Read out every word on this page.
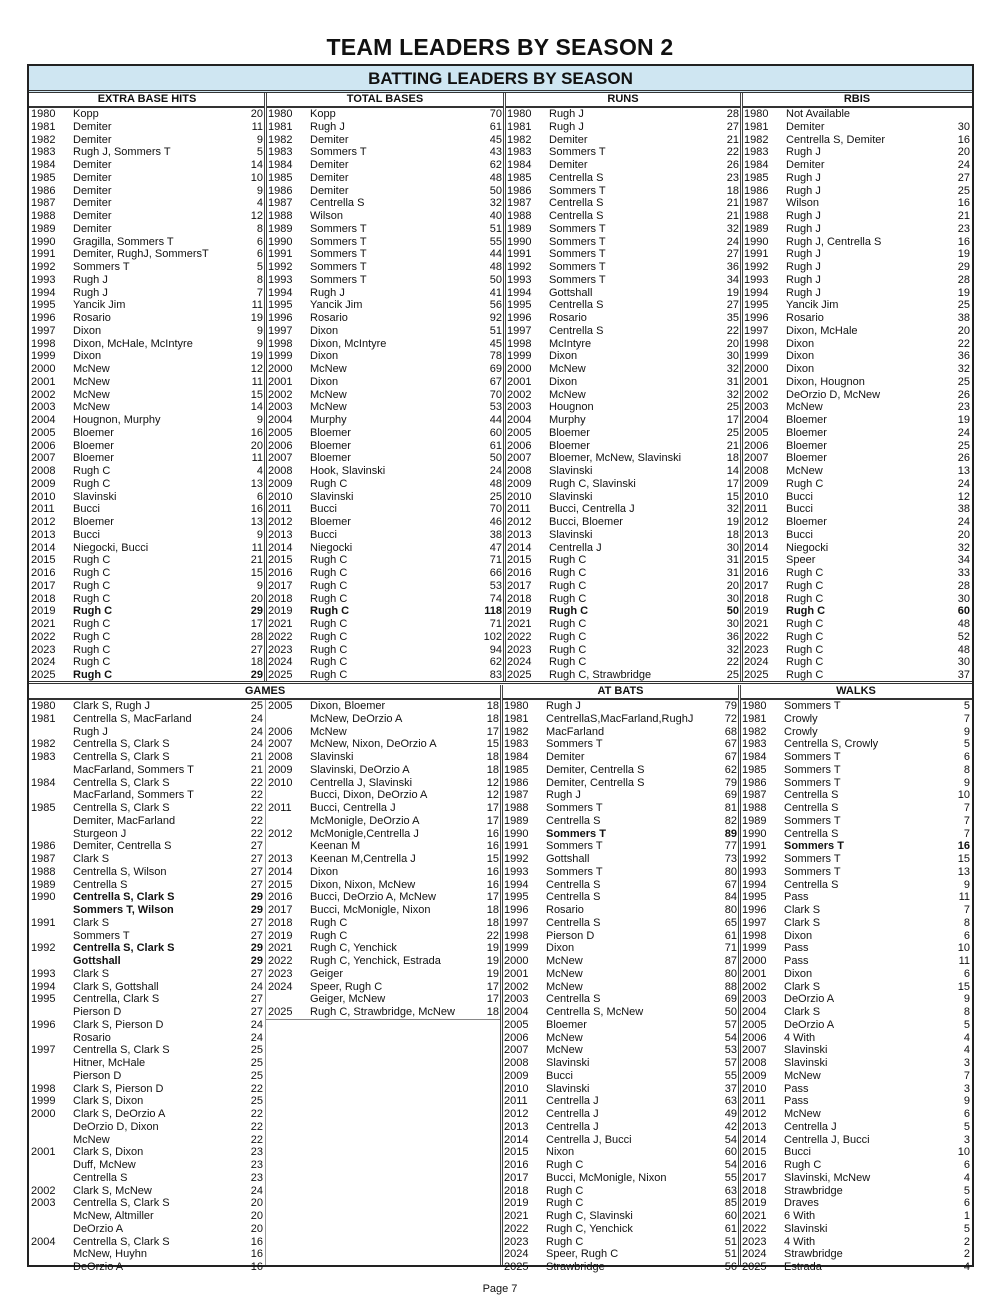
TEAM LEADERS BY SEASON 2
BATTING LEADERS BY SEASON
EXTRA BASE HITS	TOTAL BASES	RUNS	RBIS
1980 Kopp	20
1981 Demiter	11
1982 Demiter	9
1983 Rugh J, Sommers T	5
1984 Demiter	14
1985 Demiter	10
1986 Demiter	9
1987 Demiter	4
1988 Demiter	12
1989 Demiter	8
1990 Gragilla, Sommers T	6
1991 Demiter, RughJ, SommersT	6
1992 Sommers T	5
1993 Rugh J	8
1994 Rugh J	7
1995 Yancik Jim	11
1996 Rosario	19
1997 Dixon	9
1998 Dixon, McHale, McIntyre	9
1999 Dixon	19
2000 McNew	12
2001 McNew	11
2002 McNew	15
2003 McNew	14
2004 Hougnon, Murphy	9
2005 Bloemer	16
2006 Bloemer	20
2007 Bloemer	11
2008 Rugh C	4
2009 Rugh C	13
2010 Slavinski	6
2011 Bucci	16
2012 Bloemer	13
2013 Bucci	9
2014 Niegocki, Bucci	11
2015 Rugh C	21
2016 Rugh C	15
2017 Rugh C	9
2018 Rugh C	20
2019 Rugh C	29
2021 Rugh C	17
2022 Rugh C	28
2023 Rugh C	27
2024 Rugh C	18
2025 Rugh C	29
1980 Kopp	70
1981 Rugh J	61
1982 Demiter	45
1983 Sommers T	43
1984 Demiter	62
1985 Demiter	48
1986 Demiter	50
1987 Centrella S	32
1988 Wilson	40
1989 Sommers T	51
1990 Sommers T	55
1991 Sommers T	44
1992 Sommers T	48
1993 Sommers T	50
1994 Rugh J	41
1995 Yancik Jim	56
1996 Rosario	92
1997 Dixon	51
1998 Dixon, McIntyre	45
1999 Dixon	78
2000 McNew	69
2001 Dixon	67
2002 McNew	70
2003 McNew	53
2004 Murphy	44
2005 Bloemer	60
2006 Bloemer	61
2007 Bloemer	50
2008 Hook, Slavinski	24
2009 Rugh C	48
2010 Slavinski	25
2011 Bucci	70
2012 Bloemer	46
2013 Bucci	38
2014 Niegocki	47
2015 Rugh C	71
2016 Rugh C	66
2017 Rugh C	53
2018 Rugh C	74
2019 Rugh C	118
2021 Rugh C	71
2022 Rugh C	102
2023 Rugh C	94
2024 Rugh C	62
2025 Rugh C	83
1980 Rugh J	28
1981 Rugh J	27
1982 Demiter	21
1983 Sommers T	22
1984 Demiter	26
1985 Centrella S	23
1986 Sommers T	18
1987 Centrella S	21
1988 Centrella S	21
1989 Sommers T	32
1990 Sommers T	24
1991 Sommers T	27
1992 Sommers T	36
1993 Sommers T	34
1994 Gottshall	19
1995 Centrella S	27
1996 Rosario	35
1997 Centrella S	22
1998 McIntyre	20
1999 Dixon	30
2000 McNew	32
2001 Dixon	31
2002 McNew	32
2003 Hougnon	25
2004 Murphy	17
2005 Bloemer	25
2006 Bloemer	21
2007 Bloemer, McNew, Slavinski	18
2008 Slavinski	14
2009 Rugh C, Slavinski	17
2010 Slavinski	15
2011 Bucci, Centrella J	32
2012 Bucci, Bloemer	19
2013 Slavinski	18
2014 Centrella J	30
2015 Rugh C	31
2016 Rugh C	31
2017 Rugh C	20
2018 Rugh C	30
2019 Rugh C	50
2021 Rugh C	30
2022 Rugh C	36
2023 Rugh C	32
2024 Rugh C	22
2025 Rugh C, Strawbridge	25
1980 Not Available
1981 Demiter	30
1982 Centrella S, Demiter	16
1983 Rugh J	20
1984 Demiter	24
1985 Rugh J	27
1986 Rugh J	25
1987 Wilson	16
1988 Rugh J	21
1989 Rugh J	23
1990 Rugh J, Centrella S	16
1991 Rugh J	19
1992 Rugh J	29
1993 Rugh J	28
1994 Rugh J	19
1995 Yancik Jim	25
1996 Rosario	38
1997 Dixon, McHale	20
1998 Dixon	22
1999 Dixon	36
2000 Dixon	32
2001 Dixon, Hougnon	25
2002 DeOrzio D, McNew	26
2003 McNew	23
2004 Bloemer	19
2005 Bloemer	24
2006 Bloemer	25
2007 Bloemer	26
2008 McNew	13
2009 Rugh C	24
2010 Bucci	12
2011 Bucci	38
2012 Bloemer	24
2013 Bucci	20
2014 Niegocki	32
2015 Speer	34
2016 Rugh C	33
2017 Rugh C	28
2018 Rugh C	30
2019 Rugh C	60
2021 Rugh C	48
2022 Rugh C	52
2023 Rugh C	48
2024 Rugh C	30
2025 Rugh C	37
GAMES	AT BATS	WALKS
1980 Clark S, Rugh J	25
1981 Centrella S, MacFarland	24
Rugh J	24
1982 Centrella S, Clark S	24
1983 Centrella S, Clark S	21
MacFarland, Sommers T	21
1984 Centrella S, Clark S	22
MacFarland, Sommers T	22
1985 Centrella S, Clark S	22
Demiter, MacFarland	22
Sturgeon J	22
1986 Demiter, Centrella S	27
1987 Clark S	27
1988 Centrella S, Wilson	27
1989 Centrella S	27
1990 Centrella S, Clark S	29
Sommers T, Wilson	29
1991 Clark S	27
Sommers T	27
1992 Centrella S, Clark S	29
Gottshall	29
1993 Clark S	27
1994 Clark S, Gottshall	24
1995 Centrella, Clark S	27
Pierson D	27
1996 Clark S, Pierson D	24
Rosario	24
1997 Centrella S, Clark S	25
Hitner, McHale	25
Pierson D	25
1998 Clark S, Pierson D	22
1999 Clark S, Dixon	25
2000 Clark S, DeOrzio A	22
DeOrzio D, Dixon	22
McNew	22
2001 Clark S, Dixon	23
Duff, McNew	23
Centrella S	23
2002 Clark S, McNew	24
2003 Centrella S, Clark S	20
McNew, Altmiller	20
DeOrzio A	20
2004 Centrella S, Clark S	16
McNew, Huyhn	16
DeOrzio A	16
2005 Dixon, Bloemer	18
McNew, DeOrzio A	18
2006 McNew	17
2007 McNew, Nixon, DeOrzio A	15
2008 Slavinski	18
2009 Slavinski, DeOrzio A	18
2010 Centrella J, Slavinski	12
Bucci, Dixon, DeOrzio A	12
2011 Bucci, Centrella J	17
McMonigle, DeOrzio A	17
2012 McMonigle,Centrella J	16
Keenan M	16
2013 Keenan M,Centrella J	15
2014 Dixon	16
2015 Dixon, Nixon, McNew	16
2016 Bucci, DeOrzio A, McNew	17
2017 Bucci, McMonigle, Nixon	18
2018 Rugh C	18
2019 Rugh C	22
2021 Rugh C, Yenchick	19
2022 Rugh C, Yenchick, Estrada	19
2023 Geiger	19
2024 Speer, Rugh C	17
Geiger, McNew	17
2025 Rugh C, Strawbridge, McNew	18
1980 Rugh J	79
1981 CentrellaS,MacFarland,RughJ	72
1982 MacFarland	68
1983 Sommers T	67
1984 Demiter	67
1985 Demiter, Centrella S	62
1986 Demiter, Centrella S	79
1987 Rugh J	69
1988 Sommers T	81
1989 Centrella S	82
1990 Sommers T	89
1991 Sommers T	77
1992 Gottshall	73
1993 Sommers T	80
1994 Centrella S	67
1995 Centrella S	84
1996 Rosario	80
1997 Centrella S	65
1998 Pierson D	61
1999 Dixon	71
2000 McNew	87
2001 McNew	80
2002 McNew	88
2003 Centrella S	69
2004 Centrella S, McNew	50
2005 Bloemer	57
2006 McNew	54
2007 McNew	53
2008 Slavinski	57
2009 Bucci	55
2010 Slavinski	37
2011 Centrella J	63
2012 Centrella J	49
2013 Centrella J	42
2014 Centrella J, Bucci	54
2015 Nixon	60
2016 Rugh C	54
2017 Bucci, McMonigle, Nixon	55
2018 Rugh C	63
2019 Rugh C	85
2021 Rugh C, Slavinski	60
2022 Rugh C, Yenchick	61
2023 Rugh C	51
2024 Speer, Rugh C	51
2025 Strawbridge	56
1980 Sommers T	5
1981 Crowly	7
1982 Crowly	9
1983 Centrella S, Crowly	5
1984 Sommers T	6
1985 Sommers T	8
1986 Sommers T	9
1987 Centrella S	10
1988 Centrella S	7
1989 Sommers T	7
1990 Centrella S	7
1991 Sommers T	16
1992 Sommers T	15
1993 Sommers T	13
1994 Centrella S	9
1995 Pass	11
1996 Clark S	7
1997 Clark S	8
1998 Dixon	6
1999 Pass	10
2000 Pass	11
2001 Dixon	6
2002 Clark S	15
2003 DeOrzio A	9
2004 Clark S	8
2005 DeOrzio A	5
2006 4 With	4
2007 Slavinski	4
2008 Slavinski	3
2009 McNew	7
2010 Pass	3
2011 Pass	9
2012 McNew	6
2013 Centrella J	5
2014 Centrella J, Bucci	3
2015 Bucci	10
2016 Rugh C	6
2017 Slavinski, McNew	4
2018 Strawbridge	5
2019 Draves	6
2021 6 With	1
2022 Slavinski	5
2023 4 With	2
2024 Strawbridge	2
2025 Estrada	4
Page 7
